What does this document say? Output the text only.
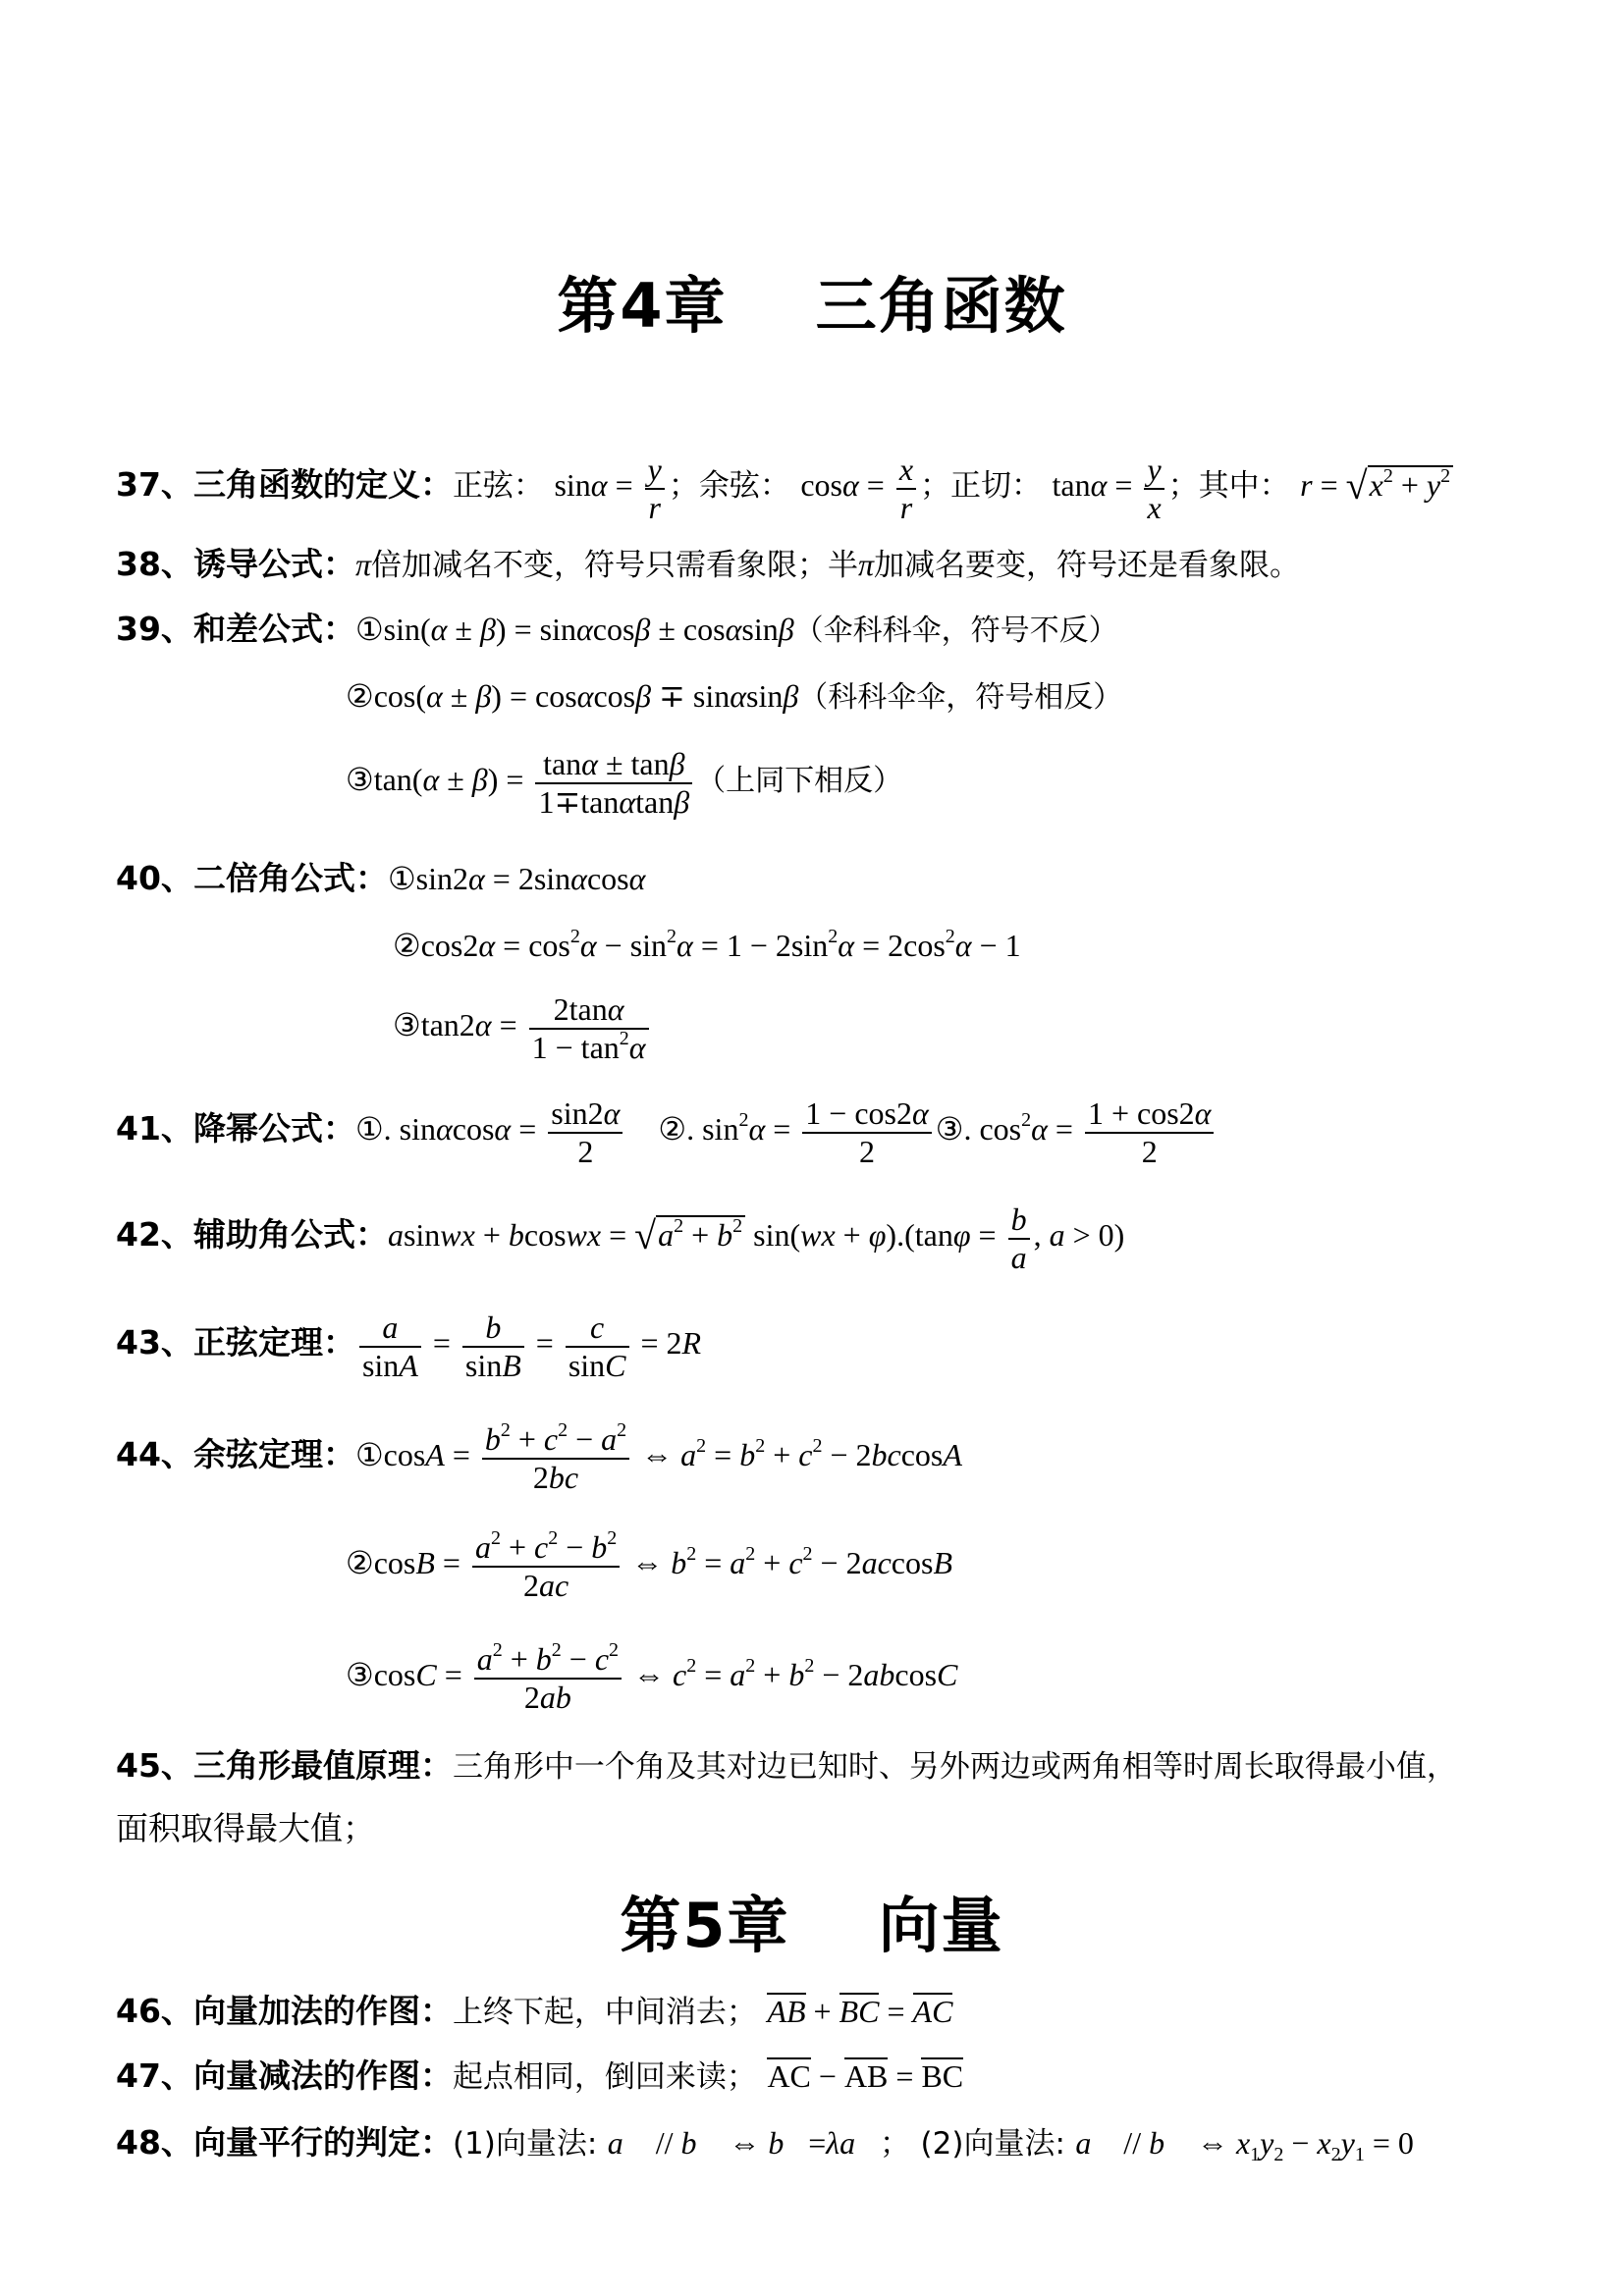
第4章 三角函数
37、三角函数的定义：正弦： $\sin\alpha = \frac{y}{r}$ ；余弦： $\cos\alpha = \frac{x}{r}$ ；正切： $\tan\alpha = \frac{y}{x}$ ；其中： $r = √x^2 + y^2$
38、诱导公式：π倍加减名不变，符号只需看象限；半π加减名要变，符号还是看象限。
39、和差公式：①sin(α ± β) = sinαcosβ ± cosαsinβ（伞科科伞，符号不反）
②cos(α ± β) = cosαcosβ ∓ sinαsinβ（科科伞伞，符号相反）
③tan(α ± $\beta) = \frac{\tan\alpha \pm \tan\beta}{1\mp\tan\alpha\tan\beta}$ （上同下相反）
40、二倍角公式：①sin2α = 2sinαcosα
②cos2α = $\cos^2\alpha - \sin^2\alpha = 1 - 2\sin^2\alpha = 2\cos^2\alpha - 1$
③tan2α = $\frac{2\tan\alpha}{1 - \tan^2\alpha}$
41、降幂公式：①. $\sin\alpha\cos\alpha = \frac{\sin 2\alpha}{2}$ ②. $\sin^2\alpha = \frac{1 - \cos 2\alpha}{2}$ ③. $\cos^2\alpha = \frac{1 + \cos 2\alpha}{2}$
42、辅助角公式：asinwx + bcoswx = $√a^2 + b^2$ $\sin(wx + \varphi).(\tan\varphi = \frac{b}{a}$ , a > 0)
43、正弦定理： $\frac{a}{\sin A} = \frac{b}{\sin B} = \frac{c}{\sin C} = 2R$
44、余弦定理：①cosA = $\frac{b^2 + c^2 - a^2}{2bc}$ ⇔ $a^2 = b^2 + c^2 - 2bccosA$
②cosB = $\frac{a^2 + c^2 - b^2}{2ac}$ ⇔ $b^2 = a^2 + c^2 - 2accosB$
③cosC = $\frac{a^2 + b^2 - c^2}{2ab}$ ⇔ $c^2 = a^2 + b^2 - 2abcosC$
45、三角形最值原理：三角形中一个角及其对边已知时、另外两边或两角相等时周长取得最小值，
面积取得最大值；
第5章 向量
46、向量加法的作图：上终下起，中间消去； AB + BC = AC
47、向量减法的作图：起点相同，倒回来读； AC − AB = BC
48、向量平行的判定：(1)向量法: a⃗ // b⃗ ⇔ b⃗=λa⃗； (2)向量法: a⃗ // b⃗ ⇔ $x_1y_2 - x_2y_1 = 0$
